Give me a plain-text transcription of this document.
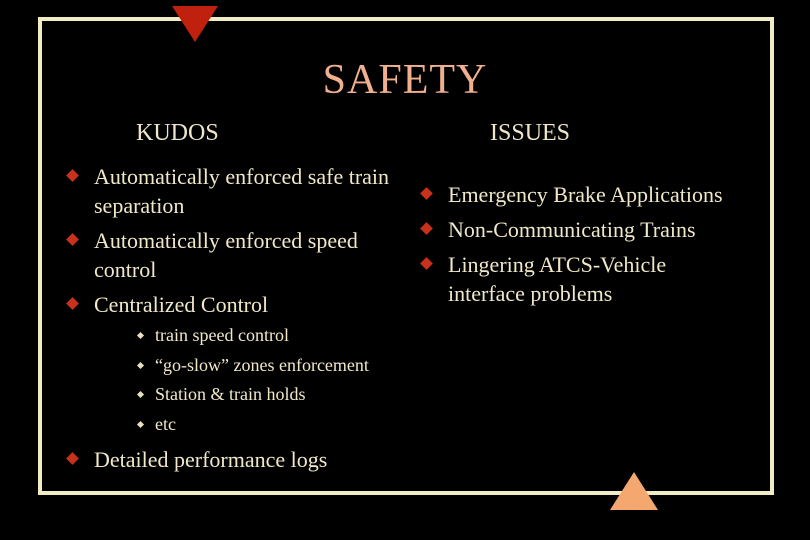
SAFETY
KUDOS	ISSUES
Automatically enforced safe train separation
Automatically enforced speed control
Centralized Control
train speed control
“go-slow” zones enforcement
Station & train holds
etc
Detailed performance logs
Emergency Brake Applications
Non-Communicating Trains
Lingering ATCS-Vehicle interface problems
